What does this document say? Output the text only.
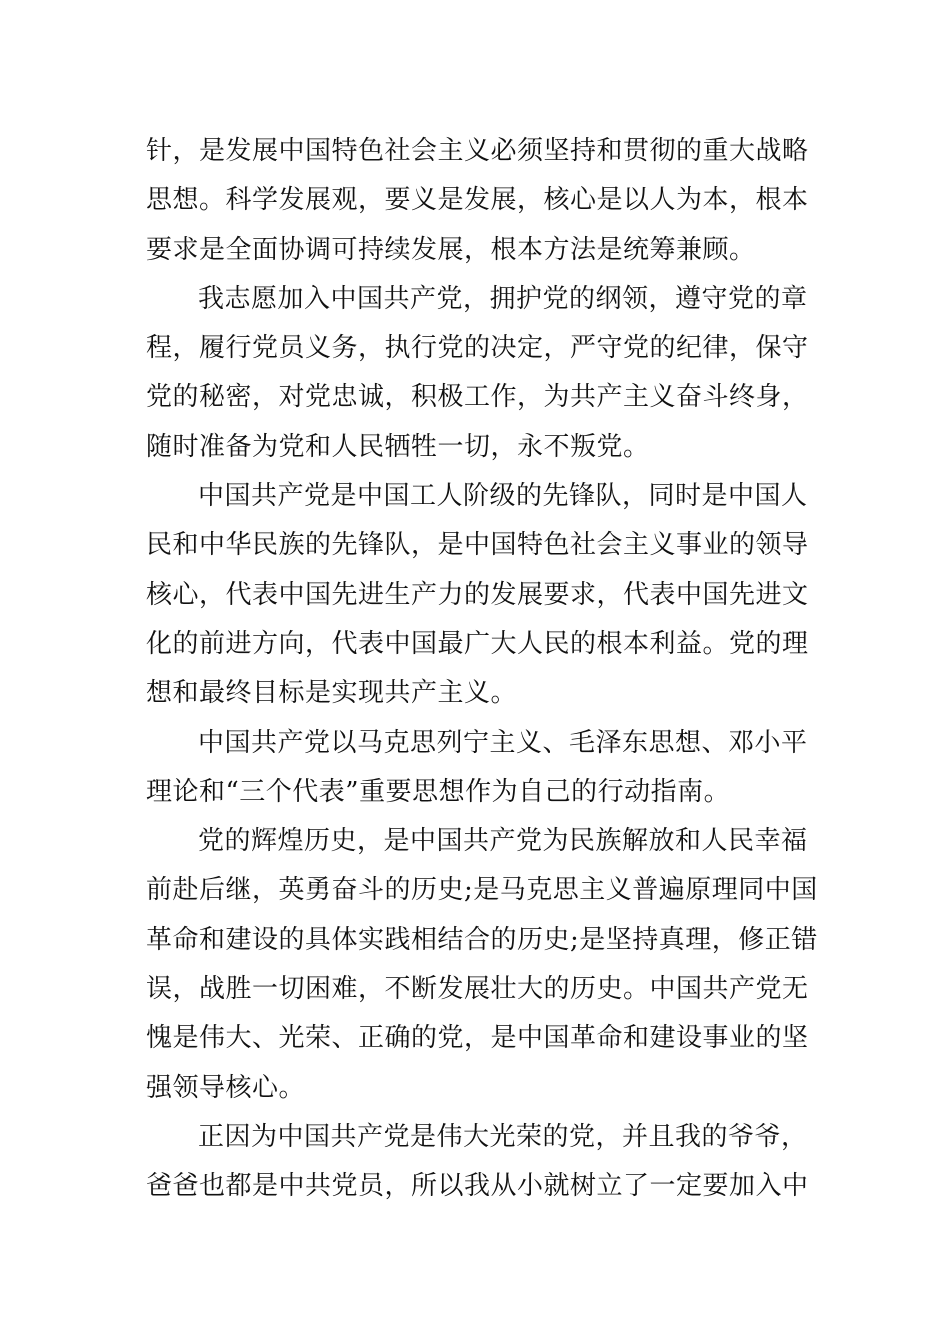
针，是发展中国特色社会主义必须坚持和贯彻的重大战略
思想。科学发展观，要义是发展，核心是以人为本，根本
要求是全面协调可持续发展，根本方法是统筹兼顾。
我志愿加入中国共产党，拥护党的纲领，遵守党的章
程，履行党员义务，执行党的决定，严守党的纪律，保守
党的秘密，对党忠诚，积极工作，为共产主义奋斗终身，
随时准备为党和人民牺牲一切，永不叛党。
中国共产党是中国工人阶级的先锋队，同时是中国人
民和中华民族的先锋队，是中国特色社会主义事业的领导
核心，代表中国先进生产力的发展要求，代表中国先进文
化的前进方向，代表中国最广大人民的根本利益。党的理
想和最终目标是实现共产主义。
中国共产党以马克思列宁主义、毛泽东思想、邓小平
理论和“三个代表”重要思想作为自己的行动指南。
党的辉煌历史，是中国共产党为民族解放和人民幸福
前赴后继，英勇奋斗的历史;是马克思主义普遍原理同中国
革命和建设的具体实践相结合的历史;是坚持真理，修正错
误，战胜一切困难，不断发展壮大的历史。中国共产党无
愧是伟大、光荣、正确的党，是中国革命和建设事业的坚
强领导核心。
正因为中国共产党是伟大光荣的党，并且我的爷爷，
爸爸也都是中共党员，所以我从小就树立了一定要加入中
